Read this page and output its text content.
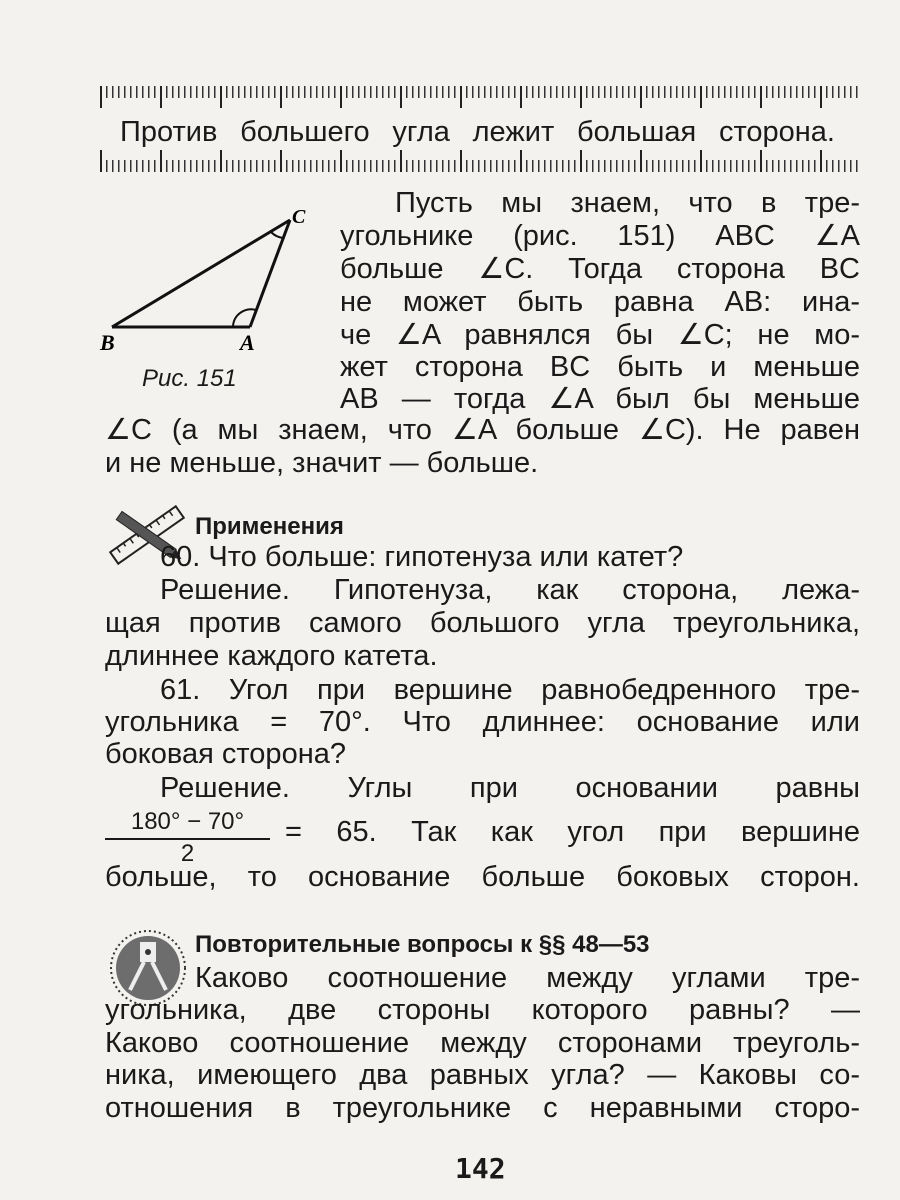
Против большего угла лежит большая сторона.
B	A
C
Рис. 151
Пусть мы знаем, что в тре-
угольнике (рис. 151) ABC ∠A
больше ∠C. Тогда сторона BC
не может быть равна AB: ина-
че ∠A равнялся бы ∠C; не мо-
жет сторона BC быть и меньше
AB — тогда ∠A был бы меньше
∠C (а мы знаем, что ∠A больше ∠C). Не равен
и не меньше, значит — больше.
Применения
60. Что больше: гипотенуза или катет?
Решение. Гипотенуза, как сторона, лежа-
щая против самого большого угла треугольника,
длиннее каждого катета.
61. Угол при вершине равнобедренного тре-
угольника = 70°. Что длиннее: основание или
боковая сторона?
Решение. Углы при основании равны
$\frac{180^\circ - 70^\circ}{2} = 65$. Так как угол при вершине
больше, то основание больше боковых сторон.
Повторительные вопросы к §§ 48—53
Каково соотношение между углами тре-
угольника, две стороны которого равны? —
Каково соотношение между сторонами треуголь-
ника, имеющего два равных угла? — Каковы со-
отношения в треугольнике с неравными сторо-
142
